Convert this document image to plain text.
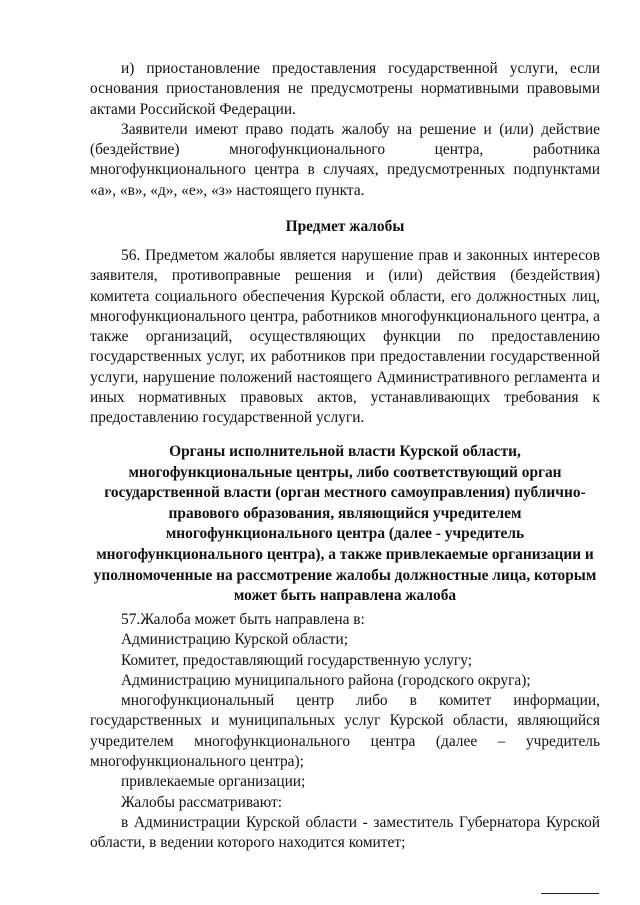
и) приостановление предоставления государственной услуги, если основания приостановления не предусмотрены нормативными правовыми актами Российской Федерации.

Заявители имеют право подать жалобу на решение и (или) действие (бездействие) многофункционального центра, работника многофункционального центра в случаях, предусмотренных подпунктами «а», «в», «д», «е», «з» настоящего пункта.

Предмет жалобы

56. Предметом жалобы является нарушение прав и законных интересов заявителя, противоправные решения и (или) действия (бездействия) комитета социального обеспечения Курской области, его должностных лиц, многофункционального центра, работников многофункционального центра, а также организаций, осуществляющих функции по предоставлению государственных услуг, их работников при предоставлении государственной услуги, нарушение положений настоящего Административного регламента и иных нормативных правовых актов, устанавливающих требования к предоставлению государственной услуги.

Органы исполнительной власти Курской области, многофункциональные центры, либо соответствующий орган государственной власти (орган местного самоуправления) публично-правового образования, являющийся учредителем многофункционального центра (далее - учредитель многофункционального центра), а также привлекаемые организации и уполномоченные на рассмотрение жалобы должностные лица, которым может быть направлена жалоба

57.Жалоба может быть направлена в:

Администрацию Курской области;

Комитет, предоставляющий государственную услугу;

Администрацию муниципального района (городского округа);

многофункциональный центр либо в комитет информации, государственных и муниципальных услуг Курской области, являющийся учредителем многофункционального центра (далее – учредитель многофункционального центра);

привлекаемые организации;

Жалобы рассматривают:

в Администрации Курской области - заместитель Губернатора Курской области, в ведении которого находится комитет;
